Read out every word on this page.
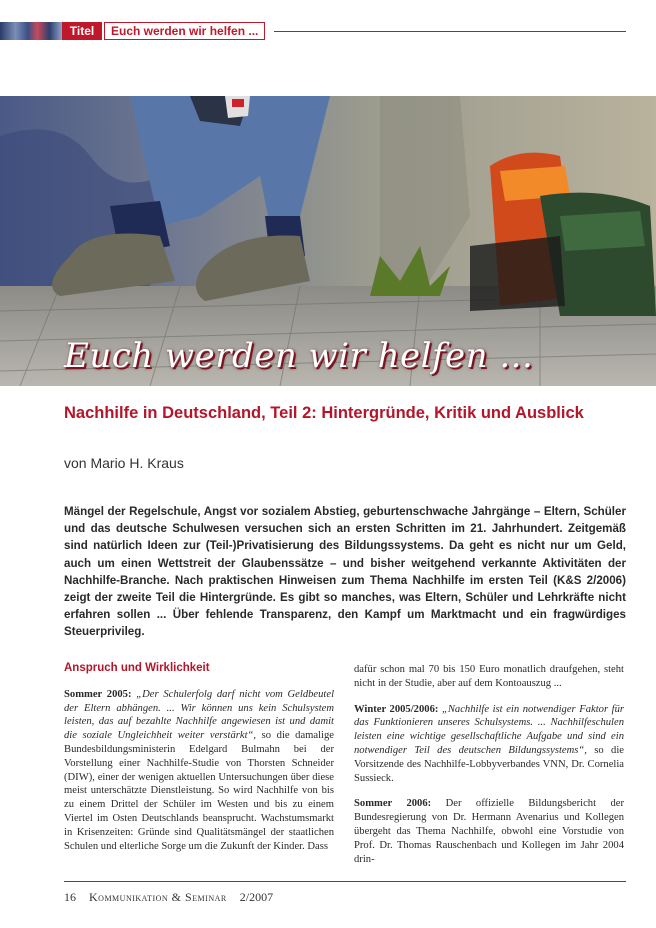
Titel	Euch werden wir helfen ...
Euch werden wir helfen ...
Nachhilfe in Deutschland, Teil 2: Hintergründe, Kritik und Ausblick
von Mario H. Kraus
Mängel der Regelschule, Angst vor sozialem Abstieg, geburtenschwache Jahrgänge – Eltern, Schüler und das deutsche Schulwesen versuchen sich an ersten Schritten im 21. Jahrhundert. Zeitgemäß sind natürlich Ideen zur (Teil-)Privatisierung des Bildungssystems. Da geht es nicht nur um Geld, auch um einen Wettstreit der Glaubenssätze – und bisher weitgehend verkannte Aktivitäten der Nachhilfe-Branche. Nach praktischen Hinweisen zum Thema Nachhilfe im ersten Teil (K&S 2/2006) zeigt der zweite Teil die Hintergründe. Es gibt so manches, was Eltern, Schüler und Lehrkräfte nicht erfahren sollen ... Über fehlende Transparenz, den Kampf um Marktmacht und ein fragwürdiges Steuerprivileg.
Anspruch und Wirklichkeit

Sommer 2005: „Der Schulerfolg darf nicht vom Geldbeutel der Eltern abhängen. ... Wir können uns kein Schulsystem leisten, das auf bezahlte Nachhilfe angewiesen ist und damit die soziale Ungleichheit weiter verstärkt“, so die damalige Bundesbildungsministerin Edelgard Bulmahn bei der Vorstellung einer Nachhilfe-Studie von Thorsten Schneider (DIW), einer der wenigen aktuellen Untersuchungen über diese meist unterschätzte Dienstleistung. So wird Nachhilfe von bis zu einem Drittel der Schüler im Westen und bis zu einem Viertel im Osten Deutschlands beansprucht. Wachstumsmarkt in Krisenzeiten: Gründe sind Qualitätsmängel der staatlichen Schulen und elterliche Sorge um die Zukunft der Kinder. Dass

dafür schon mal 70 bis 150 Euro monatlich draufgehen, steht nicht in der Studie, aber auf dem Kontoauszug ...

Winter 2005/2006: „Nachhilfe ist ein notwendiger Faktor für das Funktionieren unseres Schulsystems. ... Nachhilfeschulen leisten eine wichtige gesellschaftliche Aufgabe und sind ein notwendiger Teil des deutschen Bildungssystems“, so die Vorsitzende des Nachhilfe-Lobbyverbandes VNN, Dr. Cornelia Sussieck.

Sommer 2006: Der offizielle Bildungsbericht der Bundesregierung von Dr. Hermann Avenarius und Kollegen übergeht das Thema Nachhilfe, obwohl eine Vorstudie von Prof. Dr. Thomas Rauschenbach und Kollegen im Jahr 2004 drin-

16 Kommunikation & Seminar 2/2007
